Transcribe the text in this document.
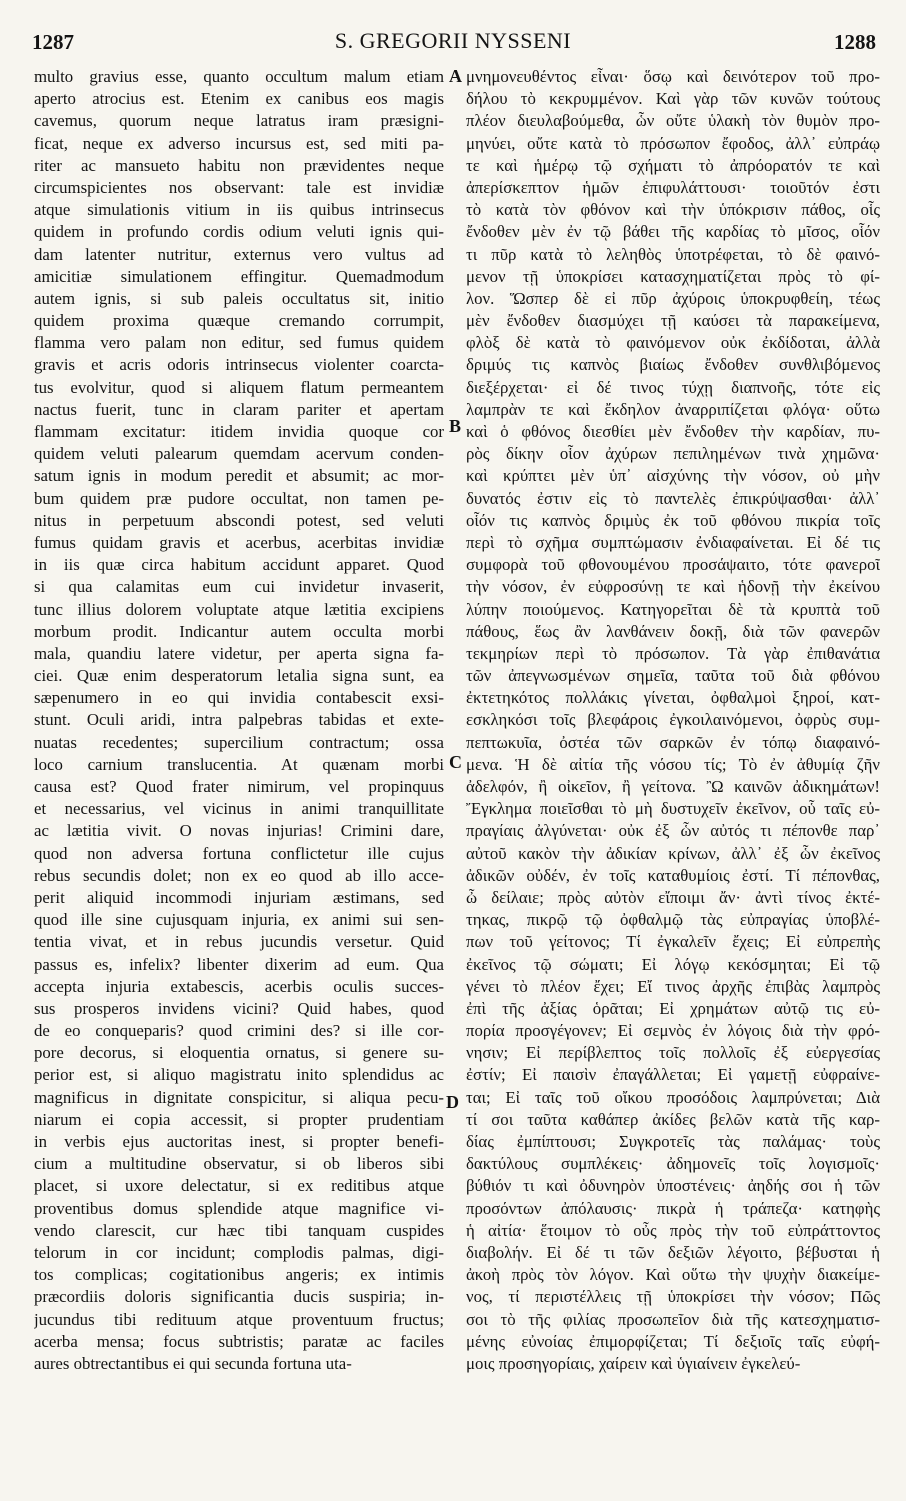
1287	S. GREGORII NYSSENI	1288
multo gravius esse, quanto occultum malum etiam
aperto atrocius est. Etenim ex canibus eos magis
cavemus, quorum neque latratus iram præsigni-
ficat, neque ex adverso incursus est, sed miti pa-
riter ac mansueto habitu non prævidentes neque
circumspicientes nos observant: tale est invidiæ
atque simulationis vitium in iis quibus intrinsecus
quidem in profundo cordis odium veluti ignis qui-
dam latenter nutritur, externus vero vultus ad
amicitiæ simulationem effingitur. Quemadmodum
autem ignis, si sub paleis occultatus sit, initio
quidem proxima quæque cremando corrumpit,
flamma vero palam non editur, sed fumus quidem
gravis et acris odoris intrinsecus violenter coarcta-
tus evolvitur, quod si aliquem flatum permeantem
nactus fuerit, tunc in claram pariter et apertam
flammam excitatur: itidem invidia quoque cor
quidem veluti palearum quemdam acervum conden-
satum ignis in modum peredit et absumit; ac mor-
bum quidem præ pudore occultat, non tamen pe-
nitus in perpetuum abscondi potest, sed veluti
fumus quidam gravis et acerbus, acerbitas invidiæ
in iis quæ circa habitum accidunt apparet. Quod
si qua calamitas eum cui invidetur invaserit,
tunc illius dolorem voluptate atque lætitia excipiens
morbum prodit. Indicantur autem occulta morbi
mala, quandiu latere videtur, per aperta signa fa-
ciei. Quæ enim desperatorum letalia signa sunt, ea
sæpenumero in eo qui invidia contabescit exsi-
stunt. Oculi aridi, intra palpebras tabidas et exte-
nuatas recedentes; supercilium contractum; ossa
loco carnium translucentia. At quænam morbi
causa est? Quod frater nimirum, vel propinquus
et necessarius, vel vicinus in animi tranquillitate
ac lætitia vivit. O novas injurias! Crimini dare,
quod non adversa fortuna conflictetur ille cujus
rebus secundis dolet; non ex eo quod ab illo acce-
perit aliquid incommodi injuriam æstimans, sed
quod ille sine cujusquam injuria, ex animi sui sen-
tentia vivat, et in rebus jucundis versetur. Quid
passus es, infelix? libenter dixerim ad eum. Qua
accepta injuria extabescis, acerbis oculis succes-
sus prosperos invidens vicini? Quid habes, quod
de eo conquераris? quod crimini des? si ille cor-
pore decorus, si eloquentia ornatus, si genere su-
perior est, si aliquo magistratu inito splendidus ac
magnificus in dignitate conspicitur, si aliqua pecu-
niarum ei copia accessit, si propter prudentiam
in verbis ejus auctoritas inest, si propter benefi-
cium a multitudine observatur, si ob liberos sibi
placet, si uxore delectatur, si ex reditibus atque
proventibus domus splendide atque magnifice vi-
vendo clarescit, cur hæc tibi tanquam cuspides
telorum in cor incidunt; complodis palmas, digi-
tos complicas; cogitationibus angeris; ex intimis
præcordiis doloris significantia ducis suspiria; in-
jucundus tibi redituum atque proventuum fructus;
acerba mensa; focus subtristis; paratæ ac faciles
aures obtrectantibus ei qui secunda fortuna uta-
μνημονευθέντος εἶναι· ὅσῳ καὶ δεινότερον τοῦ προ-
δήλου τὸ κεκρυμμένον. Καὶ γὰρ τῶν κυνῶν τούτους
πλέον διευλαβούμεθα, ὧν οὔτε ὑλακὴ τὸν θυμὸν προ-
μηνύει, οὔτε κατὰ τὸ πρόσωπον ἔφοδος, ἀλλ᾽ εὐπράῳ
τε καὶ ἡμέρῳ τῷ σχήματι τὸ ἀπρόορατόν τε καὶ
ἀπερίσκεπτον ἡμῶν ἐπιφυλάττουσι· τοιοῦτόν ἐστι
τὸ κατὰ τὸν φθόνον καὶ τὴν ὑπόκρισιν πάθος, οἷς
ἔνδοθεν μὲν ἐν τῷ βάθει τῆς καρδίας τὸ μῖσος, οἷόν
τι πῦρ κατὰ τὸ λεληθὸς ὑποτρέφεται, τὸ δὲ φαινό-
μενον τῇ ὑποκρίσει κατασχηματίζεται πρὸς τὸ φί-
λον. Ὥσπερ δὲ εἰ πῦρ ἀχύροις ὑποκρυφθείη, τέως
μὲν ἔνδοθεν διασμύχει τῇ καύσει τὰ παρακείμενα,
φλὸξ δὲ κατὰ τὸ φαινόμενον οὐκ ἐκδίδοται, ἀλλὰ
δριμύς τις καπνὸς βιαίως ἔνδοθεν συνθλιβόμενος
διεξέρχεται· εἰ δέ τινος τύχῃ διαπνοῆς, τότε εἰς
λαμπρὰν τε καὶ ἔκδηλον ἀναρριπίζεται φλόγα· οὕτω
καὶ ὁ φθόνος διεσθίει μὲν ἔνδοθεν τὴν καρδίαν, πυ-
ρὸς δίκην οἷον ἀχύρων πεπιλημένων τινὰ χημῶνα·
καὶ κρύπτει μὲν ὑπ᾽ αἰσχύνης τὴν νόσον, οὐ μὴν
δυνατός ἐστιν εἰς τὸ παντελὲς ἐπικρύψασθαι· ἀλλ᾽
οἷόν τις καπνὸς δριμὺς ἐκ τοῦ φθόνου πικρία τοῖς
περὶ τὸ σχῆμα συμπτώμασιν ἐνδιαφαίνεται. Εἰ δέ τις
συμφορὰ τοῦ φθονουμένου προσάψαιτο, τότε φανεροῖ
τὴν νόσον, ἐν εὐφροσύνῃ τε καὶ ἡδονῇ τὴν ἐκείνου
λύπην ποιούμενος. Κατηγορεῖται δὲ τὰ κρυπτὰ τοῦ
πάθους, ἕως ἂν λανθάνειν δοκῇ, διὰ τῶν φανερῶν
τεκμηρίων περὶ τὸ πρόσωπον. Τὰ γὰρ ἐπιθανάτια
τῶν ἀπεγνωσμένων σημεῖα, ταῦτα τοῦ διὰ φθόνου
ἐκτετηκότος πολλάκις γίνεται, ὀφθαλμοὶ ξηροί, κατ-
εσκληκόσι τοῖς βλεφάροις ἐγκοιλαινόμενοι, ὀφρὺς συμ-
πεπτωκυῖα, ὀστέα τῶν σαρκῶν ἐν τόπῳ διαφαινό-
μενα. Ἡ δὲ αἰτία τῆς νόσου τίς; Τὸ ἐν ἀθυμίᾳ ζῆν
ἀδελφόν, ἢ οἰκεῖον, ἢ γείτονα. Ὢ καινῶν ἀδικημάτων!
Ἔγκλημα ποιεῖσθαι τὸ μὴ δυστυχεῖν ἐκεῖνον, οὗ ταῖς εὐ-
πραγίαις ἀλγύνεται· οὐκ ἐξ ὧν αὐτός τι πέπονθε παρ᾽
αὐτοῦ κακὸν τὴν ἀδικίαν κρίνων, ἀλλ᾽ ἐξ ὧν ἐκεῖνος
ἀδικῶν οὐδέν, ἐν τοῖς καταθυμίοις ἐστί. Τί πέπονθας,
ὦ δείλαιε; πρὸς αὐτὸν εἴποιμι ἄν· ἀντὶ τίνος ἐκτέ-
τηκας, πικρῷ τῷ ὀφθαλμῷ τὰς εὐπραγίας ὑποβλέ-
πων τοῦ γείτονος; Τί ἐγκαλεῖν ἔχεις; Εἰ εὐπρεπὴς
ἐκεῖνος τῷ σώματι; Εἰ λόγῳ κεκόσμηται; Εἰ τῷ
γένει τὸ πλέον ἔχει; Εἴ τινος ἀρχῆς ἐπιβὰς λαμπρὸς
ἐπὶ τῆς ἀξίας ὁρᾶται; Εἰ χρημάτων αὐτῷ τις εὐ-
πορία προσγέγονεν; Εἰ σεμνὸς ἐν λόγοις διὰ τὴν φρό-
νησιν; Εἰ περίβλεπτος τοῖς πολλοῖς ἐξ εὐεργεσίας
ἐστίν; Εἰ παισὶν ἐπαγάλλεται; Εἰ γαμετῇ εὐφραίνε-
ται; Εἰ ταῖς τοῦ οἴκου προσόδοις λαμπρύνεται; Διὰ
τί σοι ταῦτα καθάπερ ἀκίδες βελῶν κατὰ τῆς καρ-
δίας ἐμπίπτουσι; Συγκροτεῖς τὰς παλάμας· τοὺς
δακτύλους συμπλέκεις· ἀδημονεῖς τοῖς λογισμοῖς·
βύθιόν τι καὶ ὀδυνηρὸν ὑποστένεις· ἀηδής σοι ἡ τῶν
προσόντων ἀπόλαυσις· πικρὰ ἡ τράπεζα· κατηφὴς
ἡ αἰτία· ἕτοιμον τὸ οὖς πρὸς τὴν τοῦ εὐπράττοντος
διαβολήν. Εἰ δέ τι τῶν δεξιῶν λέγοιτο, βέβυσται ἡ
ἀκοὴ πρὸς τὸν λόγον. Καὶ οὕτω τὴν ψυχὴν διακείμε-
νος, τί περιστέλλεις τῇ ὑποκρίσει τὴν νόσον; Πῶς
σοι τὸ τῆς φιλίας προσωπεῖον διὰ τῆς κατεσχηματισ-
μένης εὐνοίας ἐπιμορφίζεται; Τί δεξιοῖς ταῖς εὐφή-
μοις προσηγορίαις, χαίρειν καὶ ὑγιαίνειν ἐγκελεύ-
A
B
C
D
